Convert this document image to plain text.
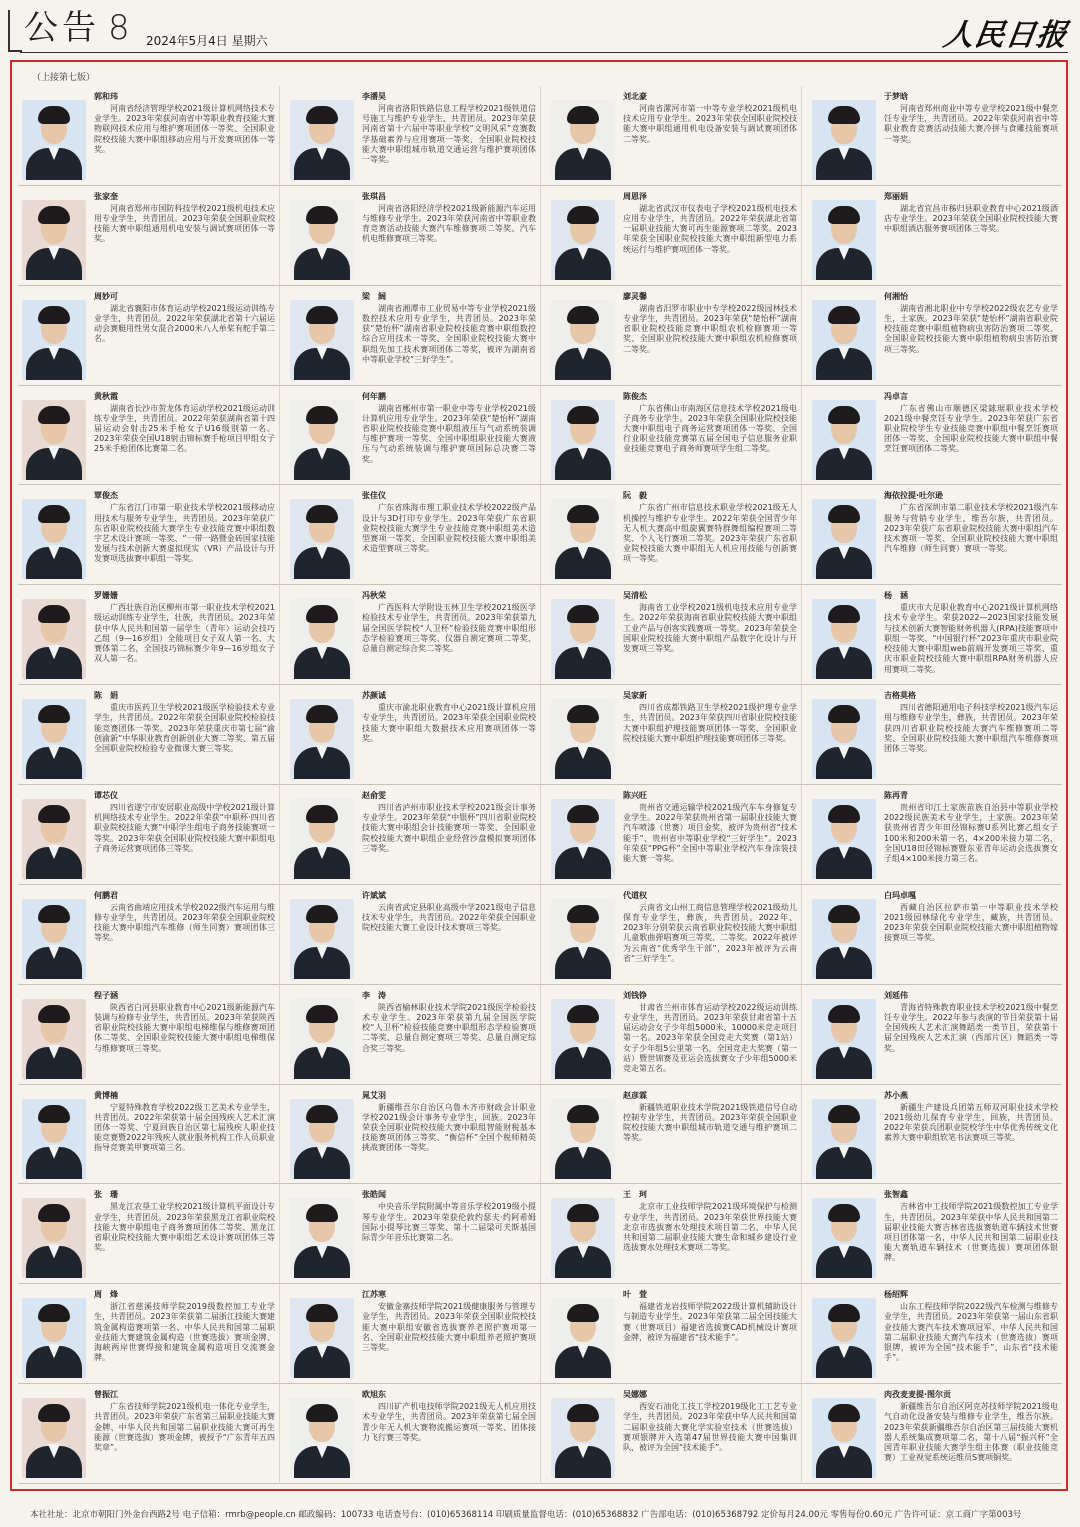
公告 8 2024年5月4日 星期六	人民日报
（上接第七版）
郭和玮
河南省经济管理学校2021级计算机网络技术专业学生。2023年荣获河南省中等职业教育技能大赛物联网技术应用与维护赛项团体一等奖、全国职业院校技能大赛中职组移动应用与开发赛项团体一等奖。
李潘昊
河南省洛阳铁路信息工程学校2021级铁道信号施工与维护专业学生，共青团员。2023年荣获河南省第十六届中等职业学校“文明风采”竞赛数学基础素养与应用赛项一等奖、全国职业院校技能大赛中职组城市轨道交通运营与维护赛项团体一等奖。
刘北豪
河南省漯河市第一中等专业学校2021级机电技术应用专业学生。2023年荣获全国职业院校技能大赛中职组通用机电设备安装与调试赛项团体二等奖。
于梦晗
河南省郑州商业中等专业学校2021级中餐烹饪专业学生，共青团员。2022年荣获河南省中等职业教育竞赛活动技能大赛冷拼与食雕技能赛项一等奖。
张家奎
河南省郑州市国防科技学校2021级机电技术应用专业学生，共青团员。2023年荣获全国职业院校技能大赛中职组通用机电安装与调试赛项团体一等奖。
张琪昌
河南省洛阳经济学校2021级新能源汽车运用与维修专业学生。2023年荣获河南省中等职业教育竞赛活动技能大赛汽车维修赛项二等奖、汽车机电维修赛项三等奖。
周恩泽
湖北省武汉市仪表电子学校2021级机电技术应用专业学生，共青团员。2022年荣获湖北省第一届职业技能大赛可再生能源赛项二等奖。2023年荣获全国职业院校技能大赛中职组新型电力系统运行与维护赛项团体一等奖。
郑丽娟
湖北省宜昌市秭归县职业教育中心2021级酒店专业学生。2023年荣获全国职业院校技能大赛中职组酒店服务赛项团体三等奖。
周妙可
湖北省襄阳市体育运动学校2021级运动训练专业学生，共青团员。2022年荣获湖北省第十六届运动会赛艇用性男女混合2000米八人单桨有舵手第二名。
梁　阔
湖南省湘潭市工业贸易中等专业学校2021级数控技术应用专业学生，共青团员。2023年荣获“楚怡杯”湖南省职业院校技能竞赛中职组数控综合应用技术一等奖、全国职业院校技能大赛中职组先加工技术赛项团体二等奖，被评为湖南省中等职业学校“三好学生”。
廖灵馨
湖南省汨罗市职业中专学校2022级园林技术专业学生，共青团员。2023年荣获“楚怡杯”湖南省职业院校技能竞赛中职组农机检修赛项一等奖、全国职业院校技能大赛中职组农机检修赛项二等奖。
何湘怡
湖南省湘北职业中专学校2022级农艺专业学生，土家族。2023年荣获“楚怡杯”湖南省职业院校技能竞赛中职组植物病虫害防治赛项二等奖、全国职业院校技能大赛中职组植物病虫害防治赛项三等奖。
黄秋霞
湖南省长沙市贺龙体育运动学校2021级运动训练专业学生，共青团员。2022年荣获湖南省第十四届运动会射击25米手枪女子U16级别第一名。2023年荣获全国U18射击锦标赛手枪项目甲组女子25米手枪团体比赛第二名。
何年鹏
湖南省郴州市第一职业中等专业学校2021级计算机应用专业学生。2023年荣获“楚怡杯”湖南省职业院校技能竞赛中职组液压与气动系统装调与维护赛项一等奖、全国中职组职业技能大赛液压与气动系统装调与维护赛项国际总决赛二等奖。
陈俊杰
广东省佛山市南海区信息技术学校2021级电子商务专业学生。2023年荣获全国职业院校技能大赛中职组电子商务运营赛项团体一等奖、全国行业职业技能竞赛第五届全国电子信息服务业职业技能竞赛电子商务师赛项学生组二等奖。
冯卓言
广东省佛山市顺德区梁銶琚职业技术学校2021级中餐烹饪专业学生。2023年荣获广东省职业院校学生专业技能竞赛中职组中餐烹饪赛项团体一等奖、全国职业院校技能大赛中职组中餐烹饪赛项团体二等奖。
覃俊杰
广东省江门市第一职业技术学校2021级移动应用技术与服务专业学生，共青团员。2023年荣获广东省职业院校技能大赛学生专业技能竞赛中职组数字艺术设计赛项一等奖、“一带一路暨金砖国家技能发展与技术创新大赛虚拟现实（VR）产品设计与开发赛项选拔赛中职组一等奖。
张佳仪
广东省珠海市理工职业技术学校2022级产品设计与3D打印专业学生。2023年荣获广东省职业院校技能大赛学生专业技能竞赛中职组美术造型赛项一等奖、全国职业院校技能大赛中职组美术造型赛项三等奖。
阮　毅
广东省广州市信息技术职业学校2021级无人机操控与维护专业学生。2022年荣获全国青少年无人机大赛高中组旋翼赛特群舞组编程赛项二等奖、个人飞行赛项二等奖。2023年荣获广东省职业院校技能大赛中职组无人机应用技能与创新赛项一等奖。
海依拉提·吐尔逊
广东省深圳市第二职业技术学校2021级汽车服务与营销专业学生，维吾尔族，共青团员。2023年荣获广东省职业院校技能大赛中职组汽车技术赛项一等奖、全国职业院校技能大赛中职组汽车维修（师生同赛）赛项一等奖。
罗姗姗
广西壮族自治区柳州市第一职业技术学校2021级运动训练专业学生，壮族，共青团员。2023年荣获中华人民共和国第一届学生（青年）运动会技巧乙组（9—16岁组）全能项目女子双人第一名、大赛体第二名，全国技巧锦标赛少年9—16岁组女子双人第一名。
冯秋荣
广西医科大学附设玉林卫生学校2021级医学检验技术专业学生，共青团员。2023年荣获第九届全国医学院校“人卫杯”检验技能竞赛中职组形态学检验赛项三等奖、仪器自测定赛项二等奖、总量自测定综合奖二等奖。
吴清松
海南省工业学校2021级机电技术应用专业学生。2022年荣获海南省职业院校技能大赛中职组工业产品与创客实践赛项一等奖。2023年荣获全国职业院校技能大赛中职组产品数字化设计与开发赛项三等奖。
杨　涵
重庆市大足职业教育中心2021级计算机网络技术专业学生。荣获2022—2023国家技能发展与技术创新大赛智能财务机器人(RPA)技能赛项中职组一等奖、“中国银行杯”2023年重庆市职业院校技能大赛中职组web前端开发赛项三等奖、重庆市职业院校技能大赛中职组RPA财务机器人应用赛项二等奖。
陈　娟
重庆市医药卫生学校2021级医学检验技术专业学生，共青团员。2022年荣获全国职业院校检验技能竞赛团体一等奖。2023年荣获重庆市第七届“渝创渝新”中华职业教育创新创业大赛二等奖、第五届全国职业院校检验专业微课大赛三等奖。
苏颜诚
重庆市渝北职业教育中心2021级计算机应用专业学生，共青团员。2023年荣获全国职业院校技能大赛中职组大数据技术应用赛项团体一等奖。
吴家新
四川省成都铁路卫生学校2021级护理专业学生，共青团员。2023年荣获四川省职业院校技能大赛中职组护理技能赛项团体一等奖、全国职业院校技能大赛中职组护理技能赛项团体三等奖。
吉格莫格
四川省德阳通用电子科技学校2021级汽车运用与维修专业学生，彝族，共青团员。2023年荣获四川省职业院校技能大赛汽车维修赛项二等奖、全国职业院校技能大赛中职组汽车维修赛项团体三等奖。
谭芯仪
四川省遂宁市安居职业高级中学校2021级计算机网络技术专业学生。2022年荣获“中职杯·四川省职业院校技能大赛”中职学生组电子商务技能赛项一等奖。2023年荣获全国职业院校技能大赛中职组电子商务运营赛项团体三等奖。
赵俞雯
四川省泸州市职业技术学校2021级会计事务专业学生。2023年荣获“中银杯”四川省职业院校技能大赛中职组会计技能赛项一等奖、全国职业院校技能大赛中职组企业经营沙盘模拟赛项团体三等奖。
陈兴旺
贵州省交通运输学校2021级汽车车身修复专业学生。2022年荣获贵州省第一届职业技能大赛汽车喷漆（世赛）项目金奖，被评为贵州省“技术能手”、贵州省中等职业学校“三好学生”。2023年荣获“PPG杯”全国中等职业学校汽车身涂装技能大赛一等奖。
陈再青
贵州省印江土家族苗族自治县中等职业学校2022级民族美术专业学生，土家族。2023年荣获贵州省青少年田径锦标赛U系列比赛乙组女子100米和200米第一名、4×200米接力第二名，全国U18田径锦标赛暨东亚青年运动会选拔赛女子组4×100米接力第三名。
何鹏君
云南省曲靖应用技术学校2022级汽车运用与维修专业学生，共青团员。2023年荣获全国职业院校技能大赛中职组汽车维修（师生同赛）赛项团体三等奖。
许斌斌
云南省武定县职业高级中学2021级电子信息技术专业学生，共青团员。2022年荣获全国职业院校技能大赛工业设计技术赛项三等奖。
代道权
云南省文山州工商信息管理学校2021级幼儿保育专业学生，彝族，共青团员。2022年、2023年分别荣获云南省职业院校技能大赛中职组儿童歌曲弹唱赛项三等奖、二等奖。2022年被评为云南省“优秀学生干部”，2023年被评为云南省“三好学生”。
白玛卓嘎
西藏自治区拉萨市第一中等职业技术学校2021级园林绿化专业学生，藏族，共青团员。2023年荣获全国职业院校技能大赛中职组植物嫁接赛项三等奖。
程子涵
陕西省白河县职业教育中心2021级新能源汽车装调与检修专业学生，共青团员。2023年荣获陕西省职业院校技能大赛中职组电梯维保与维修赛项团体二等奖、全国职业院校技能大赛中职组电梯维保与维修赛项三等奖。
李　涛
陕西省榆林职业技术学院2021级医学检验技术专业学生。2023年荣获第九届全国医学院校“人卫杯”检验技能竞赛中职组形态学检验赛项二等奖、总量自测定赛项三等奖、总量自测定综合奖三等奖。
刘钱铮
甘肃省兰州市体育运动学校2022级运动训练专业学生，共青团员。2023年荣获甘肃省第十五届运动会女子少年组5000米、10000米竞走项目第一名。2023年荣获全国竞走大奖赛（第1站）女子少年组5公里第一名，全国竞走大奖赛（第一站）暨世锦赛及亚运会选拔赛女子少年组5000米竞走第五名。
刘延伟
青海省特殊教育职业技术学校2021级中餐烹饪专业学生。2022年参与表演的节目荣获第十届全国残疾人艺术汇演舞蹈类一类节目，荣获第十届全国残疾人艺术汇演（西部片区）舞蹈类一等奖。
黄博楠
宁夏特殊教育学校2022级工艺美术专业学生，共青团员。2022年荣获第十届全国残疾人艺术汇演团体一等奖、宁夏回族自治区第七届残疾人职业技能竞赛暨2022年残疾人就业服务机构工作人员职业指导竞赛美甲赛项第三名。
晁艾羽
新疆维吾尔自治区乌鲁木齐市财政会计职业学校2021级会计事务专业学生，回族。2023年荣获全国职业院校技能大赛中职组智能财税基本技能赛项团体三等奖、“衡信杯”全国个税师精英挑战赛团体一等奖。
赵彦霖
新疆铁道职业技术学院2021级铁道信号自动控制专业学生，共青团员。2023年荣获全国职业院校技能大赛中职组城市轨道交通与维护赛项二等奖。
苏小燕
新疆生产建设兵团第五师双河职业技术学校2021级幼儿保育专业学生，回族，共青团员。2022年荣获兵团职业院校学生中华优秀传统文化素养大赛中职组软笔书法赛项三等奖。
张　珊
黑龙江农垦工业学校2021级计算机平面设计专业学生，共青团员。2023年荣获黑龙江省职业院校技能大赛中职组电子商务赛项团体二等奖、黑龙江省职业院校技能大赛中职组艺术设计赛项团体三等奖。
张皓闻
中央音乐学院附属中等音乐学校2019级小提琴专业学生。2023年荣获伦敦约瑟夫·约阿希姆国际小提琴比赛三等奖、第十二届梁可夫斯基国际青少年音乐比赛第二名。
王　珂
北京市工业技师学院2021级环境保护与检测专业学生，共青团员。2023年荣获世界技能大赛北京市选拔赛水处理技术项目第二名、中华人民共和国第二届职业技能大赛生命和城乡建设行业选拔赛水处理技术赛项二等奖。
张智鑫
吉林省中工技师学院2021级数控加工专业学生，共青团员。2023年荣获中华人民共和国第二届职业技能大赛吉林省选拔赛轨道车辆技术世赛项目团体第一名，中华人民共和国第二届职业技能大赛轨道车辆技术（世赛选拔）赛项团体银牌。
周　烽
浙江省慈溪技师学院2019级数控加工专业学生，共青团员。2023年荣获第二届浙江技能大赛建筑金属构造赛项第一名、中华人民共和国第二届职业技能大赛建筑金属构造（世赛选拔）赛项金牌、海峡两岸世赛焊接和建筑金属构造项目交流赛金牌。
江苏寒
安徽金寨技师学院2021级健康服务与管理专业学生，共青团员。2023年荣获全国职业院校技能大赛中职组安徽省选拔赛养老照护赛项第一名、全国职业院校技能大赛中职组养老照护赛项三等奖。
叶　萱
福建省龙岩技师学院2022级计算机辅助设计与制造专业学生。2023年荣获第二届全国技能大赛（世赛项目）福建省选拔赛CAD机械设计赛项金牌，被评为福建省“技术能手”。
杨绍辉
山东工程技师学院2022级汽车检测与维修专业学生，共青团员。2023年荣获第一届山东省职业技能大赛汽车技术赛项冠军、中华人民共和国第二届职业技能大赛汽车技术（世赛选拔）赛项银牌，被评为全国“技术能手”、山东省“技术能手”。
曾振江
广东省技师学院2021级机电一体化专业学生，共青团员。2023年荣获广东省第三届职业技能大赛金牌、中华人民共和国第二届职业技能大赛可再生能源（世赛选拔）赛项金牌，被授予“广东青年五四奖章”。
欧旭东
四川矿产机电技师学院2021级无人机应用技术专业学生，共青团员。2023年荣获第七届全国青少年无人机大赛物流搬运赛项一等奖、团体接力飞行赛三等奖。
吴娜娜
西安石油化工技工学校2019级化工工艺专业学生，共青团员。2023年荣获中华人民共和国第二届职业技能大赛化学实验室技术（世赛选拔）赛项银牌并入选第47届世界技能大赛中国集训队，被评为全国“技术能手”。
肉孜麦麦提·图尔贡
新疆维吾尔自治区阿克苏技师学院2021级电气自动化设备安装与维修专业学生，维吾尔族。2023年荣获新疆维吾尔自治区第三届技能大赛机器人系统集成赛项第二名，第十八届“振兴杯”全国青年职业技能大赛学生组主体赛（职业技能竞赛）工业视觉系统运维员S赛项铜奖。
本社社址：北京市朝阳门外金台西路2号 电子信箱：rmrb@people.cn 邮政编码：100733 电话查号台：(010)65368114 印刷质量监督电话：(010)65368832 广告部电话：(010)65368792 定价每月24.00元 零售每份0.60元 广告许可证：京工商广字第003号
